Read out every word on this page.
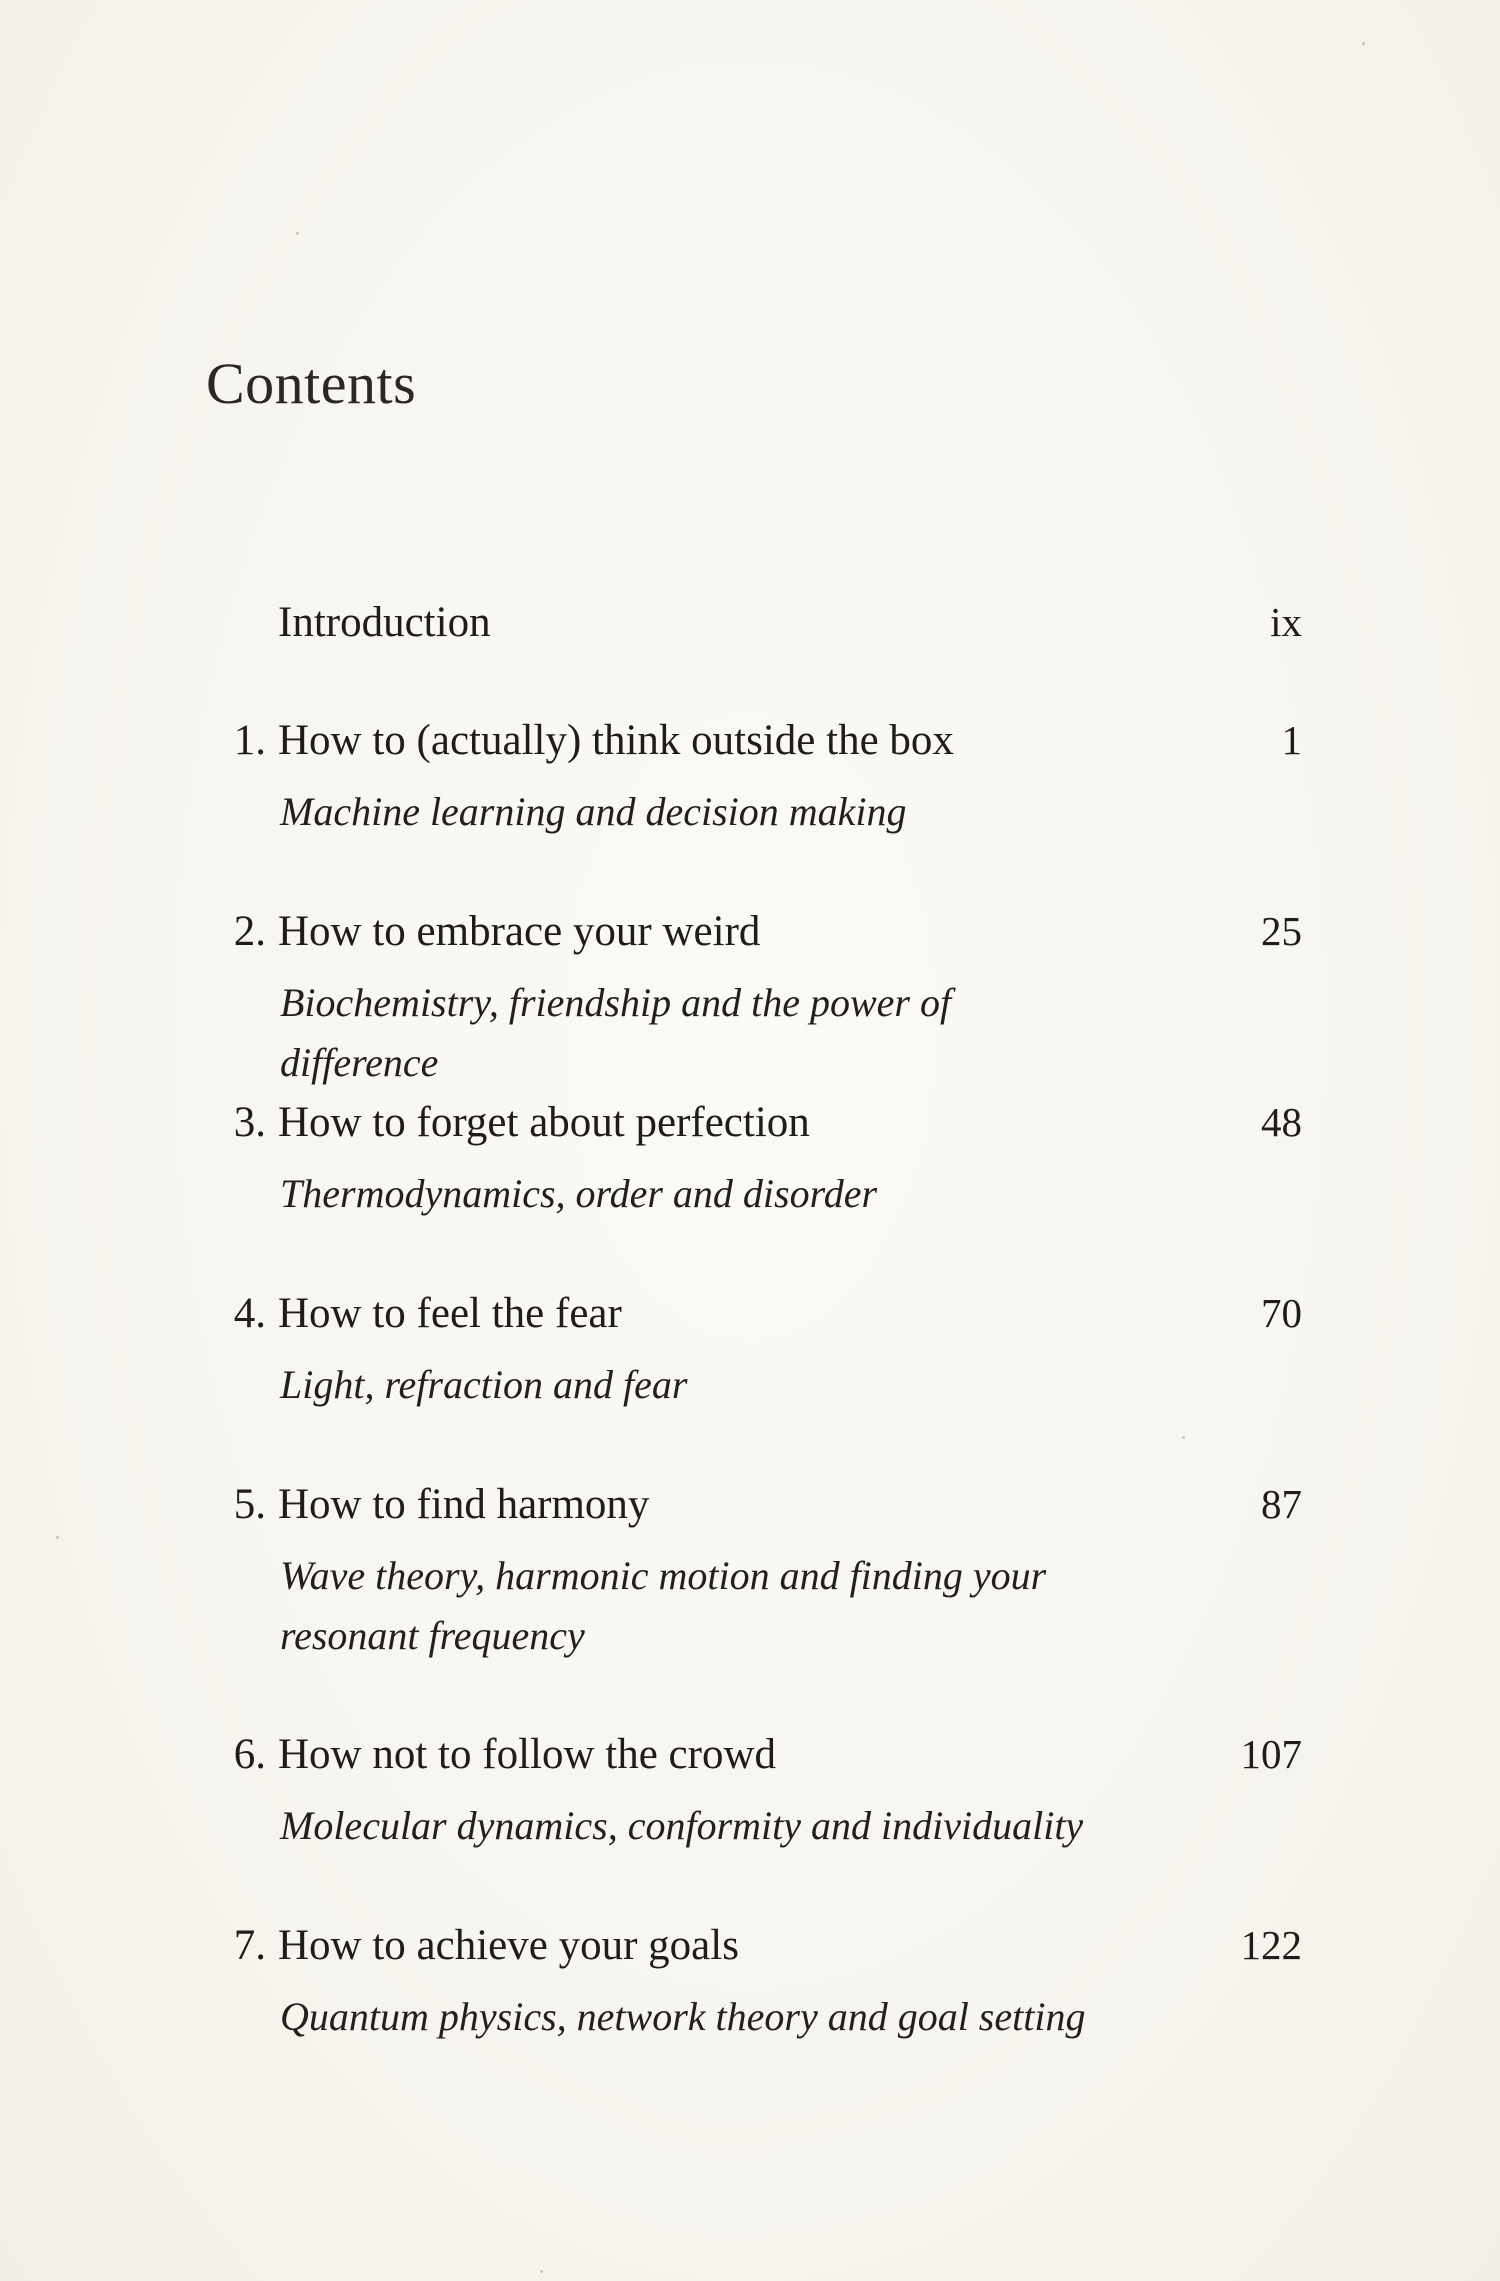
Contents
Introduction	ix
1. How to (actually) think outside the box	1
Machine learning and decision making
2. How to embrace your weird	25
Biochemistry, friendship and the power of difference
3. How to forget about perfection	48
Thermodynamics, order and disorder
4. How to feel the fear	70
Light, refraction and fear
5. How to find harmony	87
Wave theory, harmonic motion and finding your resonant frequency
6. How not to follow the crowd	107
Molecular dynamics, conformity and individuality
7. How to achieve your goals	122
Quantum physics, network theory and goal setting
